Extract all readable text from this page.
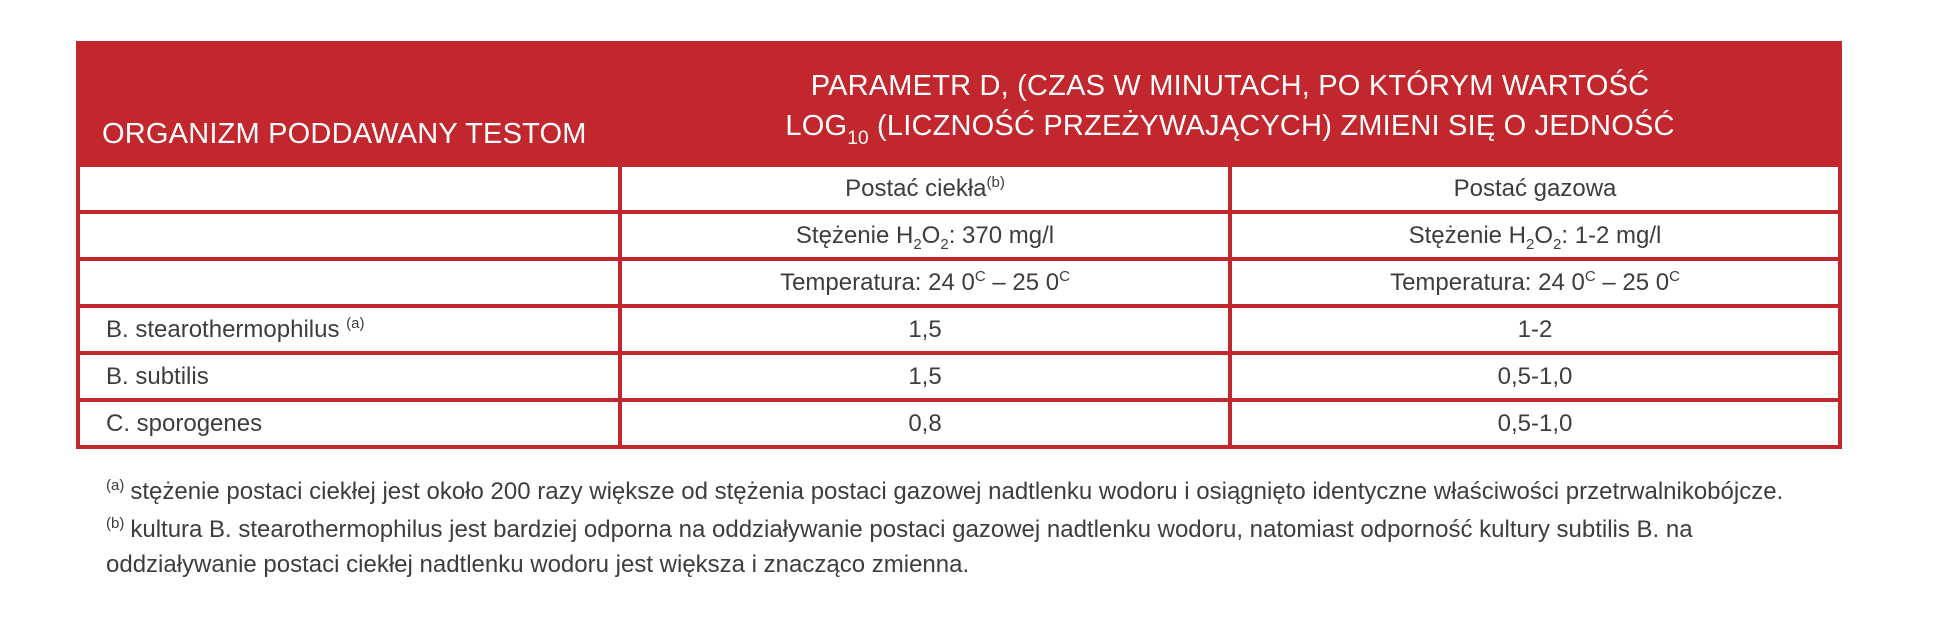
ORGANIZM PODDAWANY TESTOM	PARAMETR D, (CZAS W MINUTACH, PO KTÓRYM WARTOŚĆ
$LOG_{10}$ (LICZNOŚĆ PRZEŻYWAJĄCYCH) ZMIENI SIĘ O JEDNOŚĆ	

	Postać ciekła$^{(b)}$	Postać gazowa
	Stężenie $H_2O_2$: 370 mg/l	Stężenie $H_2O_2$: 1-2 mg/l
	Temperatura: 24 0$^C$ – 25 0$^C$	Temperatura: 24 0$^C$ – 25 0$^C$
B. stearothermophilus $^{(a)}$	1,5	1-2
B. subtilis	1,5	0,5-1,0
C. sporogenes	0,8	0,5-1,0

$^{(a)}$ stężenie postaci ciekłej jest około 200 razy większe od stężenia postaci gazowej nadtlenku wodoru i osiągnięto identyczne właściwości przetrwalnikobójcze.

$^{(b)}$ kultura B. stearothermophilus jest bardziej odporna na oddziaływanie postaci gazowej nadtlenku wodoru, natomiast odporność kultury subtilis B. na oddziaływanie postaci ciekłej nadtlenku wodoru jest większa i znacząco zmienna.
